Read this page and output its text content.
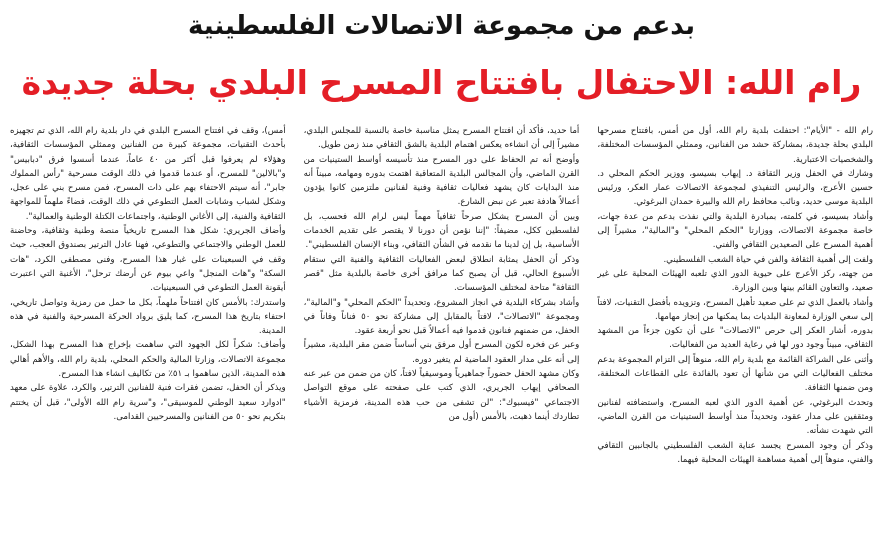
بدعم من مجموعة الاتصالات الفلسطينية
رام الله: الاحتفال بافتتاح المسرح البلدي بحلة جديدة

رام الله - "الأيام": احتفلت بلدية رام الله، أول من أمس، بافتتاح مسرحها البلدي بحلة جديدة، بمشاركة حشد من الفنانين، وممثلي المؤسسات المختلفة، والشخصيات الاعتبارية.

وشارك في الحفل وزير الثقافة د. إيهاب بسيسو، ووزير الحكم المحلي د. حسين الأعرج، والرئيس التنفيذي لمجموعة الاتصالات عمار العكر، ورئيس البلدية موسى حديد، ونائب محافظ رام الله والبيرة حمدان البرغوثي.

وأشاد بسيسو، في كلمته، بمبادرة البلدية والتي نفذت بدعم من عدة جهات، خاصة مجموعة الاتصالات، ووزارتا "الحكم المحلي" و"المالية"، مشيراً إلى أهمية المسرح على الصعيدين الثقافي والفني.

ولفت إلى أهمية الثقافة والفن في حياة الشعب الفلسطيني.

من جهته، ركز الأعرج على حيوية الدور الذي تلعبه الهيئات المحلية على غير صعيد، والتعاون القائم بينها وبين الوزارة.

وأشاد بالعمل الذي تم على صعيد تأهيل المسرح، وتزويده بأفضل التقنيات، لافتاً إلى سعي الوزارة لمعاونة البلديات بما يمكنها من إنجاز مهامها.

بدوره، أشار العكر إلى حرص "الاتصالات" على أن تكون جزءاً من المشهد الثقافي، مبيناً وجود دور لها في رعاية العديد من الفعاليات.

وأثنى على الشراكة القائمة مع بلدية رام الله، منوهاً إلى التزام المجموعة بدعم مختلف الفعاليات التي من شأنها أن تعود بالفائدة على القطاعات المختلفة، ومن ضمنها الثقافة.

وتحدث البرغوثي، عن أهمية الدور الذي لعبه المسرح، واستضافته لفنانين ومثقفين على مدار عقود، وتحديداً منذ أواسط الستينيات من القرن الماضي، التي شهدت نشأته.

وذكر أن وجود المسرح يجسد عناية الشعب الفلسطيني بالجانبين الثقافي والفني، منوهاً إلى أهمية مساهمة الهيئات المحلية فيهما.

أما حديد، فأكد أن افتتاح المسرح يمثل مناسبة خاصة بالنسبة للمجلس البلدي، مشيراً إلى أن انشاءه يعكس اهتمام البلدية بالشق الثقافي منذ زمن طويل.

وأوضح أنه تم الحفاظ على دور المسرح منذ تأسيسه أواسط الستينيات من القرن الماضي، وأن المجالس البلدية المتعاقبة اهتمت بدوره ومهامه، مبيناً أنه منذ البدايات كان يشهد فعاليات ثقافية وفنية لفنانين ملتزمين كانوا يؤدون أعمالاً هادفة تعبر عن نبض الشارع.

وبين أن المسرح يشكل صرحاً ثقافياً مهماً ليس لرام الله فحسب، بل لفلسطين ككل، مضيفاً: "إننا نؤمن أن دورنا لا يقتصر على تقديم الخدمات الأساسية، بل إن لدينا ما نقدمه في الشأن الثقافي، وبناء الإنسان الفلسطيني".

وذكر أن الحفل يمثابة انطلاق لبعض الفعاليات الثقافية والفنية التي ستقام الأسبوع الحالي، قبل أن يصبح كما مرافق أخرى خاصة بالبلدية مثل "قصر الثقافة" متاحة لمختلف المؤسسات.

وأشاد بشركاء البلدية في انجاز المشروع، وتحديداً "الحكم المحلي" و"المالية"، ومجموعة "الاتصالات"، لافتاً بالمقابل إلى مشاركة نحو ٥٠ فناناً وفاناً في الحفل، من ضمنهم فنانون قدموا فيه أعمالاً قبل نحو أربعة عقود.

وعبر عن فخره لكون المسرح أول مرفق بني أساساً ضمن مقر البلدية، مشيراً إلى أنه على مدار العقود الماضية لم يتغير دوره.

وكان مشهد الحفل حضوراً جماهيرياً وموسيقياً لافتاً، كان من ضمن من عبر عنه الصحافي إيهاب الجريري، الذي كتب على صفحته على موقع التواصل الاجتماعي "فيسبوك": "لن تشفى من حب هذه المدينة، فرمزية الأشياء تطاردك أينما ذهبت، بالأمس (أول من

أمس)، وقف في افتتاح المسرح البلدي في دار بلدية رام الله، الذي تم تجهيزه بأحدث التقنيات، مجموعة كبيرة من الفنانين وممثلي المؤسسات الثقافية، وهؤلاء لم يعرفوا قبل أكثر من ٤٠ عاماً، عندما أسسوا فرق "دبابيس" و"بالالين" للمسرح، أو عندما قدموا في ذلك الوقت مسرحية "رأس المملوك جابر"، أنه سيتم الاحتفاء بهم على ذات المسرح، فمن مسرح بني على عجل، وشكل لشباب وشابات العمل التطوعي في ذلك الوقت، فضاءً ملهماً للمواجهة الثقافية والفنية، إلى الأغاني الوطنية، واجتماعات الكتلة الوطنية والعمالية".

وأضاف الجريري: شكل هذا المسرح تاريخياً منصة وطنية وثقافية، وحاضنة للعمل الوطني والاجتماعي والتطوعي، فهنا عادل الترتير بصندوق العجب، حيث وقف في السبعينات على غبار هذا المسرح، وفنى مصطفى الكرد، "هات السكة" و"هات المنجل" واعي بيوم عن أرضك ترحل"، الأغنية التي اعتبرت أيقونة العمل التطوعي في السبعينيات.

واستدرك: بالأمس كان افتتاحاً ملهماً، بكل ما حمل من رمزية وتواصل تاريخي، احتفاء بتاريخ هذا المسرح، كما يليق برواد الحركة المسرحية والفنية في هذه المدينة.

وأضاف: شكراً لكل الجهود التي ساهمت بإخراج هذا المسرح بهذا الشكل، مجموعة الاتصالات، وزارتا المالية والحكم المحلي، بلدية رام الله، والأهم أهالي هذه المدينة، الذين ساهموا بـ ٥١٪ من تكاليف انشاء هذا المسرح.

ويذكر أن الحفل، تضمن فقرات فنية للفنانين الترتير، والكرد، علاوة على معهد "ادوارد سعيد الوطني للموسيقى"، و"سرية رام الله الأولى"، قبل أن يختتم بتكريم نحو ٥٠ من الفنانين والمسرحيين القدامى.
